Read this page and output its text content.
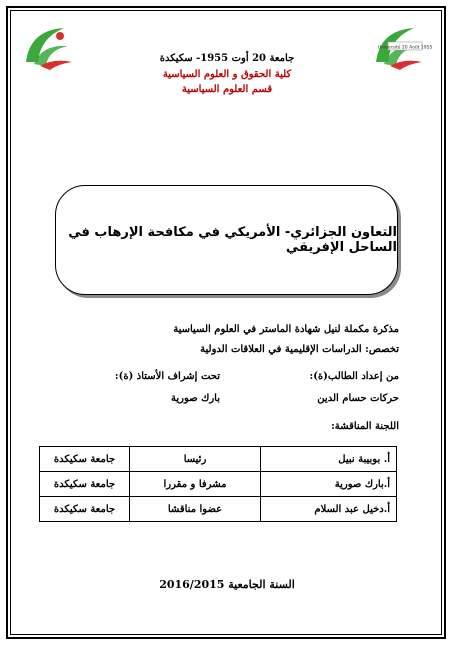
Université 20 Août 1955
جامعة 20 أوت 1955- سكيكدة
كلية الحقوق و العلوم السياسية
قسم العلوم السياسية
التعاون الجزائري- الأمريكي في مكافحة الإرهاب في الساحل الإفريقي
مذكرة مكملة لنيل شهادة الماستر في العلوم السياسية
تخصص: الدراسات الإقليمية في العلاقات الدولية
من إعداد الطالب(ة):
تحت إشراف الأستاذ (ة):
حركات حسام الدين
بارك صورية
اللجنة المناقشة:
أ. بوبيبة نبيل	رئيسا	جامعة سكيكدة
أ.بارك صورية	مشرفا و مقررا	جامعة سكيكدة
أ.دخيل عبد السلام	عضوا مناقشا	جامعة سكيكدة
السنة الجامعية 2016/2015
